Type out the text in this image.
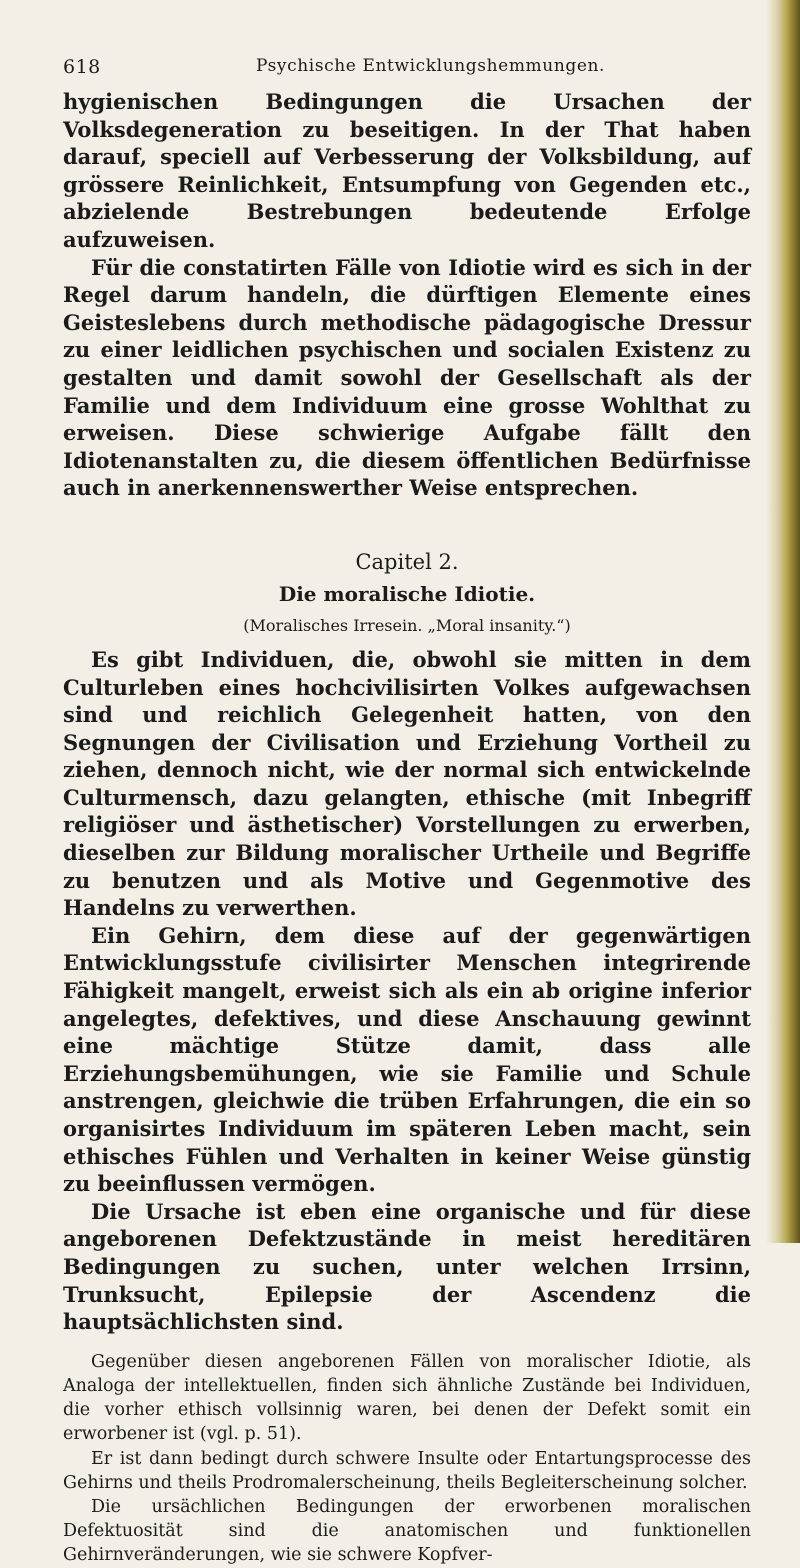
618	Psychische Entwicklungshemmungen.

hygienischen Bedingungen die Ursachen der Volksdegeneration zu beseitigen. In der That haben darauf, speciell auf Verbesserung der Volksbildung, auf grössere Reinlichkeit, Entsumpfung von Gegenden etc., abzielende Bestrebungen bedeutende Erfolge aufzuweisen.

Für die constatirten Fälle von Idiotie wird es sich in der Regel darum handeln, die dürftigen Elemente eines Geisteslebens durch methodische pädagogische Dressur zu einer leidlichen psychischen und socialen Existenz zu gestalten und damit sowohl der Gesellschaft als der Familie und dem Individuum eine grosse Wohlthat zu erweisen. Diese schwierige Aufgabe fällt den Idiotenanstalten zu, die diesem öffentlichen Bedürfnisse auch in anerkennenswerther Weise entsprechen.

Capitel 2.
Die moralische Idiotie.
(Moralisches Irresein. „Moral insanity.“)

Es gibt Individuen, die, obwohl sie mitten in dem Culturleben eines hochcivilisirten Volkes aufgewachsen sind und reichlich Gelegenheit hatten, von den Segnungen der Civilisation und Erziehung Vortheil zu ziehen, dennoch nicht, wie der normal sich entwickelnde Culturmensch, dazu gelangten, ethische (mit Inbegriff religiöser und ästhetischer) Vorstellungen zu erwerben, dieselben zur Bildung moralischer Urtheile und Begriffe zu benutzen und als Motive und Gegenmotive des Handelns zu verwerthen.

Ein Gehirn, dem diese auf der gegenwärtigen Entwicklungsstufe civilisirter Menschen integrirende Fähigkeit mangelt, erweist sich als ein ab origine inferior angelegtes, defektives, und diese Anschauung gewinnt eine mächtige Stütze damit, dass alle Erziehungsbemühungen, wie sie Familie und Schule anstrengen, gleichwie die trüben Erfahrungen, die ein so organisirtes Individuum im späteren Leben macht, sein ethisches Fühlen und Verhalten in keiner Weise günstig zu beeinflussen vermögen.

Die Ursache ist eben eine organische und für diese angeborenen Defektzustände in meist hereditären Bedingungen zu suchen, unter welchen Irrsinn, Trunksucht, Epilepsie der Ascendenz die hauptsächlichsten sind.

Gegenüber diesen angeborenen Fällen von moralischer Idiotie, als Analoga der intellektuellen, finden sich ähnliche Zustände bei Individuen, die vorher ethisch vollsinnig waren, bei denen der Defekt somit ein erworbener ist (vgl. p. 51).

Er ist dann bedingt durch schwere Insulte oder Entartungsprocesse des Gehirns und theils Prodromalerscheinung, theils Begleiterscheinung solcher.

Die ursächlichen Bedingungen der erworbenen moralischen Defektuosität sind die anatomischen und funktionellen Gehirnveränderungen, wie sie schwere Kopfver-
